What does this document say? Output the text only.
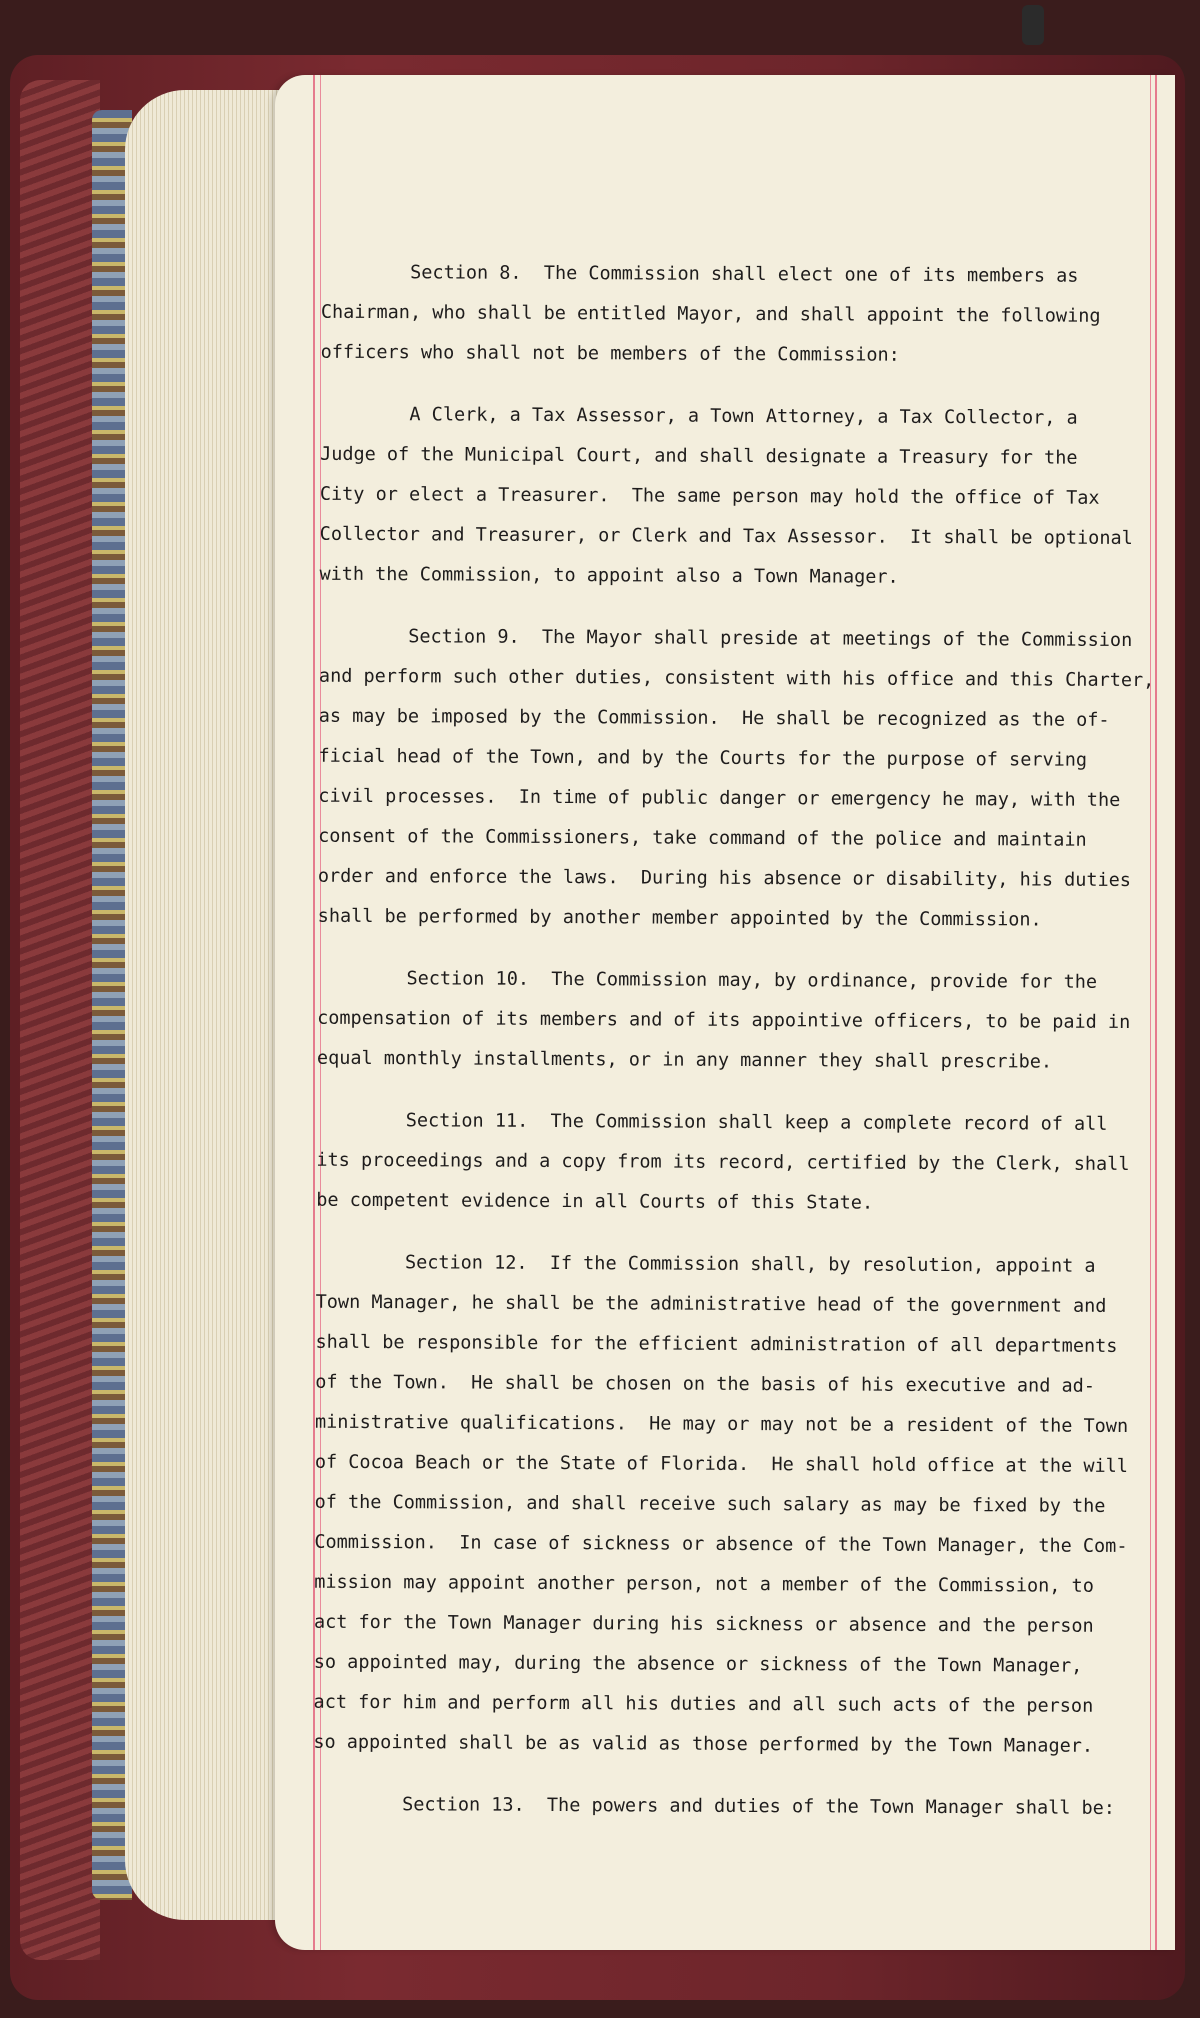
Section 8.  The Commission shall elect one of its members as
Chairman, who shall be entitled Mayor, and shall appoint the following
officers who shall not be members of the Commission:
A Clerk, a Tax Assessor, a Town Attorney, a Tax Collector, a
Judge of the Municipal Court, and shall designate a Treasury for the
City or elect a Treasurer.  The same person may hold the office of Tax
Collector and Treasurer, or Clerk and Tax Assessor.  It shall be optional
with the Commission, to appoint also a Town Manager.
Section 9.  The Mayor shall preside at meetings of the Commission
and perform such other duties, consistent with his office and this Charter,
as may be imposed by the Commission.  He shall be recognized as the of-
ficial head of the Town, and by the Courts for the purpose of serving
civil processes.  In time of public danger or emergency he may, with the
consent of the Commissioners, take command of the police and maintain
order and enforce the laws.  During his absence or disability, his duties
shall be performed by another member appointed by the Commission.
Section 10.  The Commission may, by ordinance, provide for the
compensation of its members and of its appointive officers, to be paid in
equal monthly installments, or in any manner they shall prescribe.
Section 11.  The Commission shall keep a complete record of all
its proceedings and a copy from its record, certified by the Clerk, shall
be competent evidence in all Courts of this State.
Section 12.  If the Commission shall, by resolution, appoint a
Town Manager, he shall be the administrative head of the government and
shall be responsible for the efficient administration of all departments
of the Town.  He shall be chosen on the basis of his executive and ad-
ministrative qualifications.  He may or may not be a resident of the Town
of Cocoa Beach or the State of Florida.  He shall hold office at the will
of the Commission, and shall receive such salary as may be fixed by the
Commission.  In case of sickness or absence of the Town Manager, the Com-
mission may appoint another person, not a member of the Commission, to
act for the Town Manager during his sickness or absence and the person
so appointed may, during the absence or sickness of the Town Manager,
act for him and perform all his duties and all such acts of the person
so appointed shall be as valid as those performed by the Town Manager.
Section 13.  The powers and duties of the Town Manager shall be:
